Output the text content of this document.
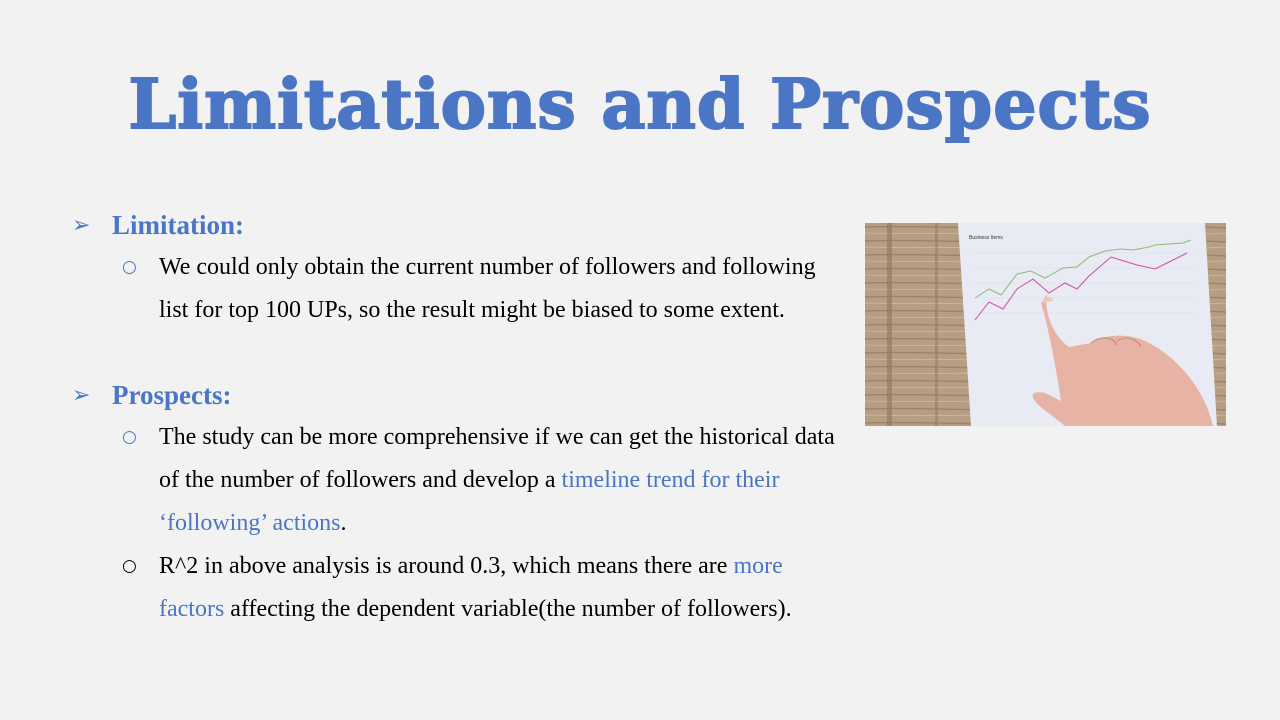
Limitations and Prospects
➢ Limitation:
○ We could only obtain the current number of followers and following list for top 100 UPs, so the result might be biased to some extent.
➢ Prospects:
○ The study can be more comprehensive if we can get the historical data of the number of followers and develop a timeline trend for their ‘following’ actions.
○ R^2 in above analysis is around 0.3, which means there are more factors affecting the dependent variable(the number of followers).
Business Items
